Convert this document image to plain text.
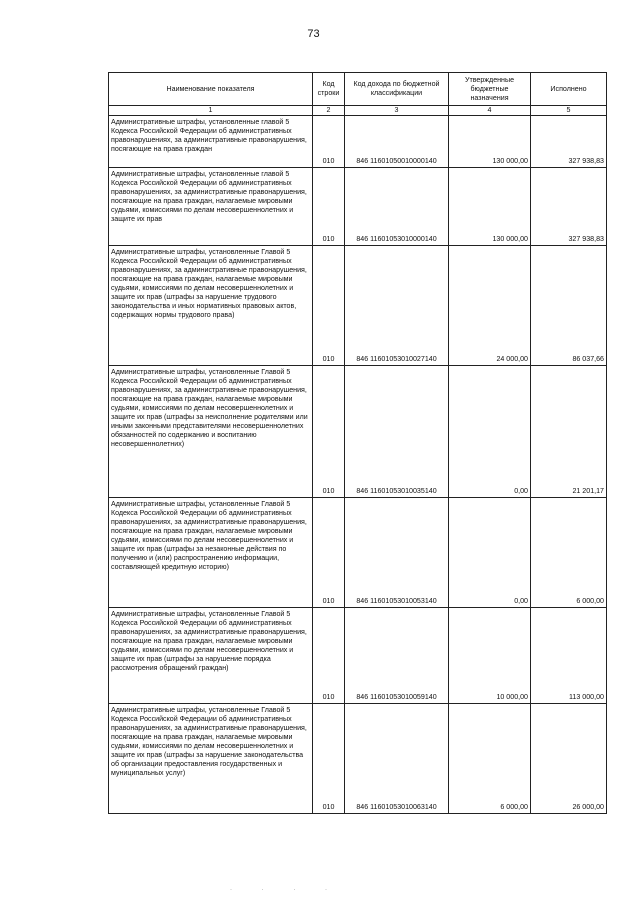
73
Наименование показателя	Код строки	Код дохода по бюджетной классификации	Утвержденные бюджетные назначения	Исполнено
1	2	3	4	5
Административные штрафы, установленные главой 5 Кодекса Российской Федерации об административных правонарушениях, за административные правонарушения, посягающие на права граждан	010	846 11601050010000140	130 000,00	327 938,83
Административные штрафы, установленные главой 5 Кодекса Российской Федерации об административных правонарушениях, за административные правонарушения, посягающие на права граждан, налагаемые мировыми судьями, комиссиями по делам несовершеннолетних и защите их прав	010	846 11601053010000140	130 000,00	327 938,83
Административные штрафы, установленные Главой 5 Кодекса Российской Федерации об административных правонарушениях, за административные правонарушения, посягающие на права граждан, налагаемые мировыми судьями, комиссиями по делам несовершеннолетних и защите их прав (штрафы за нарушение трудового законодательства и иных нормативных правовых актов, содержащих нормы трудового права)	010	846 11601053010027140	24 000,00	86 037,66
Административные штрафы, установленные Главой 5 Кодекса Российской Федерации об административных правонарушениях, за административные правонарушения, посягающие на права граждан, налагаемые мировыми судьями, комиссиями по делам несовершеннолетних и защите их прав (штрафы за неисполнение родителями или иными законными представителями несовершеннолетних обязанностей по содержанию и воспитанию несовершеннолетних)	010	846 11601053010035140	0,00	21 201,17
Административные штрафы, установленные Главой 5 Кодекса Российской Федерации об административных правонарушениях, за административные правонарушения, посягающие на права граждан, налагаемые мировыми судьями, комиссиями по делам несовершеннолетних и защите их прав (штрафы за незаконные действия по получению и (или) распространению информации, составляющей кредитную историю)	010	846 11601053010053140	0,00	6 000,00
Административные штрафы, установленные Главой 5 Кодекса Российской Федерации об административных правонарушениях, за административные правонарушения, посягающие на права граждан, налагаемые мировыми судьями, комиссиями по делам несовершеннолетних и защите их прав (штрафы за нарушение порядка рассмотрения обращений граждан)	010	846 11601053010059140	10 000,00	113 000,00
Административные штрафы, установленные Главой 5 Кодекса Российской Федерации об административных правонарушениях, за административные правонарушения, посягающие на права граждан, налагаемые мировыми судьями, комиссиями по делам несовершеннолетних и защите их прав (штрафы за нарушение законодательства об организации предоставления государственных и муниципальных услуг)	010	846 11601053010063140	6 000,00	26 000,00
· · · ·
